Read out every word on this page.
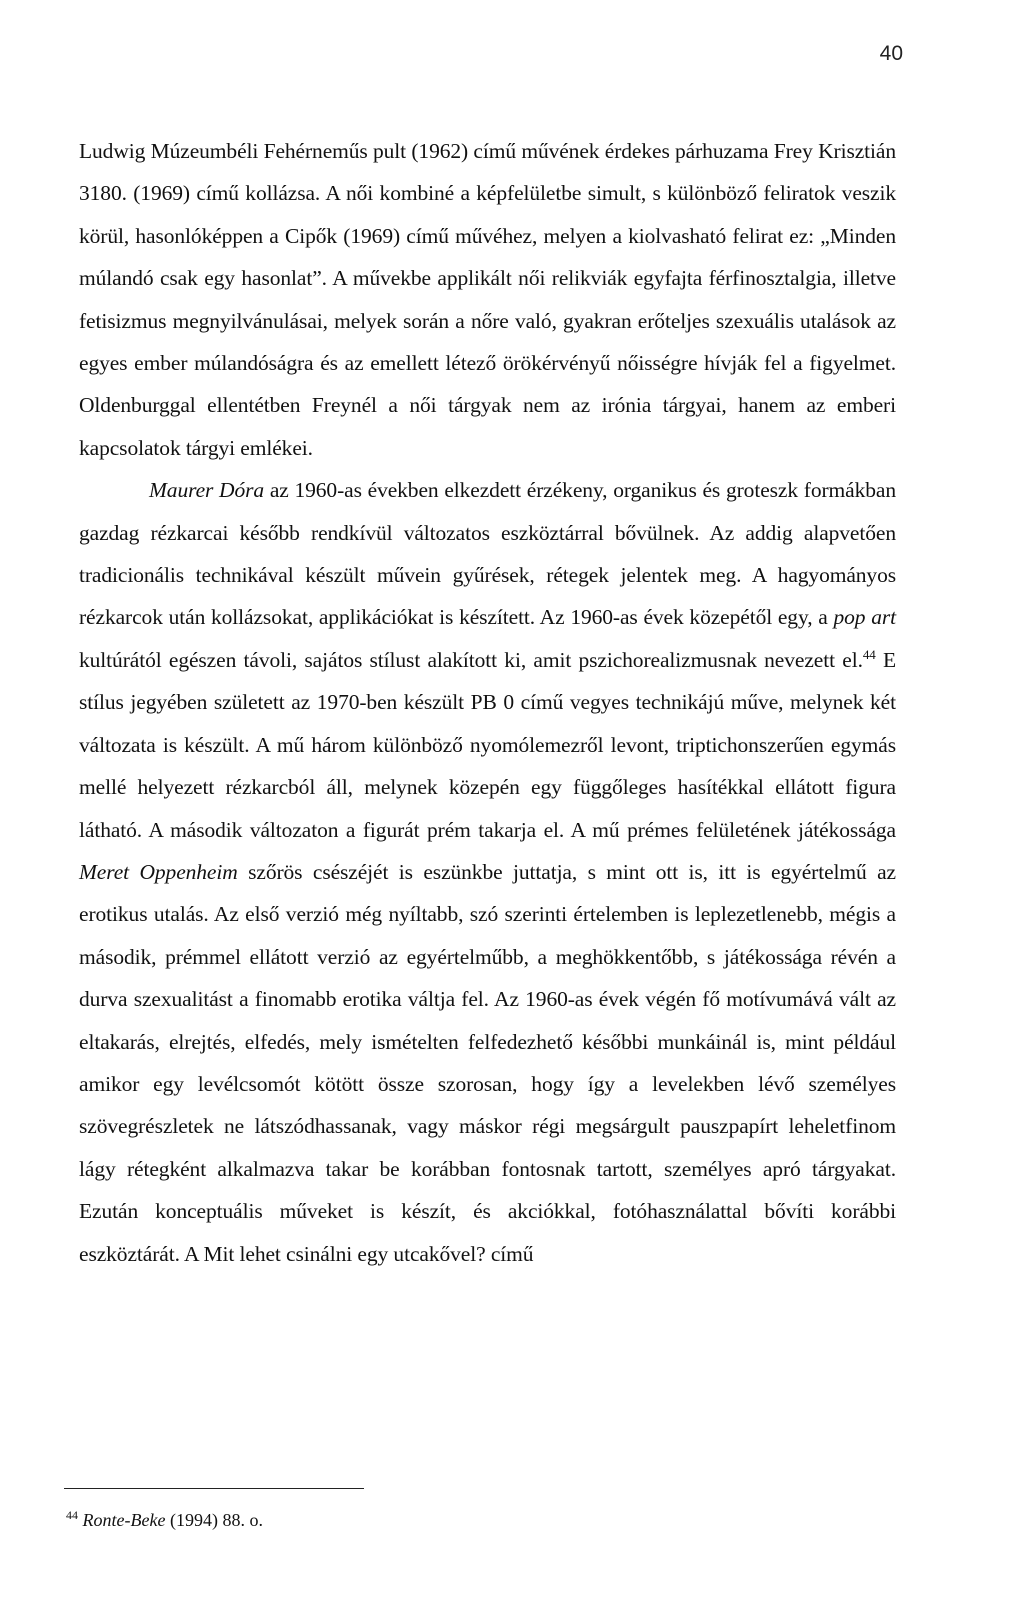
40

Ludwig Múzeumbéli Fehérneműs pult (1962) című művének érdekes párhuzama Frey Krisztián 3180. (1969) című kollázsa. A női kombiné a képfelületbe simult, s különböző feliratok veszik körül, hasonlóképpen a Cipők (1969) című művéhez, melyen a kiolvasható felirat ez: „Minden múlandó csak egy hasonlat”. A művekbe applikált női relikviák egyfajta férfinosztalgia, illetve fetisizmus megnyilvánulásai, melyek során a nőre való, gyakran erőteljes szexuális utalások az egyes ember múlandóságra és az emellett létező örökérvényű nőisségre hívják fel a figyelmet. Oldenburggal ellentétben Freynél a női tárgyak nem az irónia tárgyai, hanem az emberi kapcsolatok tárgyi emlékei.

Maurer Dóra az 1960-as években elkezdett érzékeny, organikus és groteszk formákban gazdag rézkarcai később rendkívül változatos eszköztárral bővülnek. Az addig alapvetően tradicionális technikával készült művein gyűrések, rétegek jelentek meg. A hagyományos rézkarcok után kollázsokat, applikációkat is készített. Az 1960-as évek közepétől egy, a pop art kultúrától egészen távoli, sajátos stílust alakított ki, amit pszichorealizmusnak nevezett el.$^{44}$ E stílus jegyében született az 1970-ben készült PB 0 című vegyes technikájú műve, melynek két változata is készült. A mű három különböző nyomólemezről levont, triptichonszerűen egymás mellé helyezett rézkarcból áll, melynek közepén egy függőleges hasítékkal ellátott figura látható. A második változaton a figurát prém takarja el. A mű prémes felületének játékossága Meret Oppenheim szőrös csészéjét is eszünkbe juttatja, s mint ott is, itt is egyértelmű az erotikus utalás. Az első verzió még nyíltabb, szó szerinti értelemben is leplezetlenebb, mégis a második, prémmel ellátott verzió az egyértelműbb, a meghökkentőbb, s játékossága révén a durva szexualitást a finomabb erotika váltja fel. Az 1960-as évek végén fő motívumává vált az eltakarás, elrejtés, elfedés, mely ismételten felfedezhető későbbi munkáinál is, mint például amikor egy levélcsomót kötött össze szorosan, hogy így a levelekben lévő személyes szövegrészletek ne látszódhassanak, vagy máskor régi megsárgult pauszpapírt leheletfinom lágy rétegként alkalmazva takar be korábban fontosnak tartott, személyes apró tárgyakat. Ezután konceptuális műveket is készít, és akciókkal, fotóhasználattal bővíti korábbi eszköztárát. A Mit lehet csinálni egy utcakővel? című

$^{44}$ Ronte-Beke (1994) 88. o.
